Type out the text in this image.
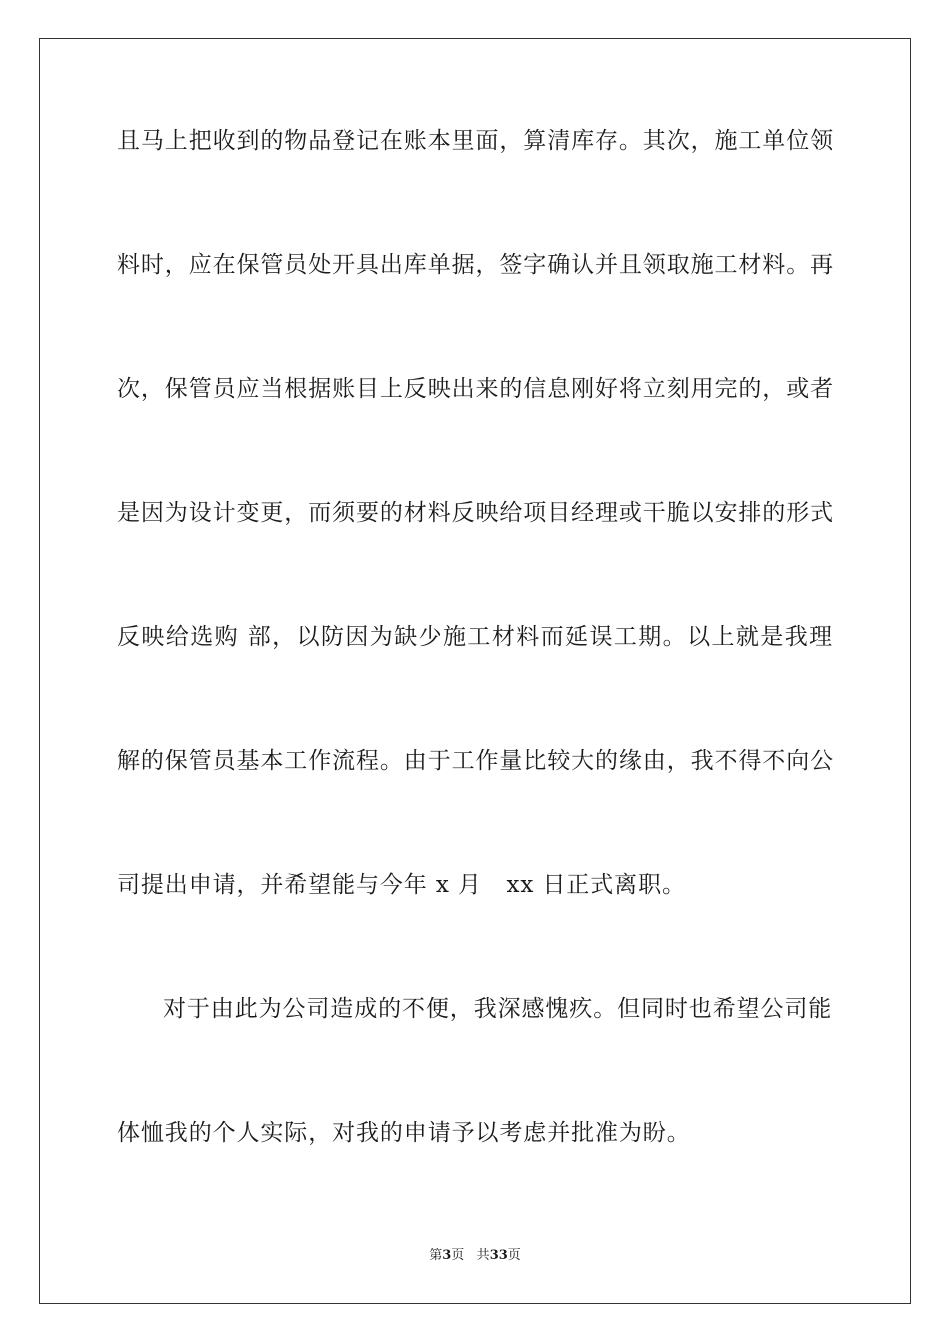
且马上把收到的物品登记在账本里面，算清库存。其次，施工单位领

料时，应在保管员处开具出库单据，签字确认并且领取施工材料。再

次，保管员应当根据账目上反映出来的信息刚好将立刻用完的，或者

是因为设计变更，而须要的材料反映给项目经理或干脆以安排的形式

反映给选购 部，以防因为缺少施工材料而延误工期。以上就是我理

解的保管员基本工作流程。由于工作量比较大的缘由，我不得不向公

司提出申请，并希望能与今年 x 月   xx 日正式离职。

对于由此为公司造成的不便，我深感愧疚。但同时也希望公司能

体恤我的个人实际，对我的申请予以考虑并批准为盼。

第3页 共33页
